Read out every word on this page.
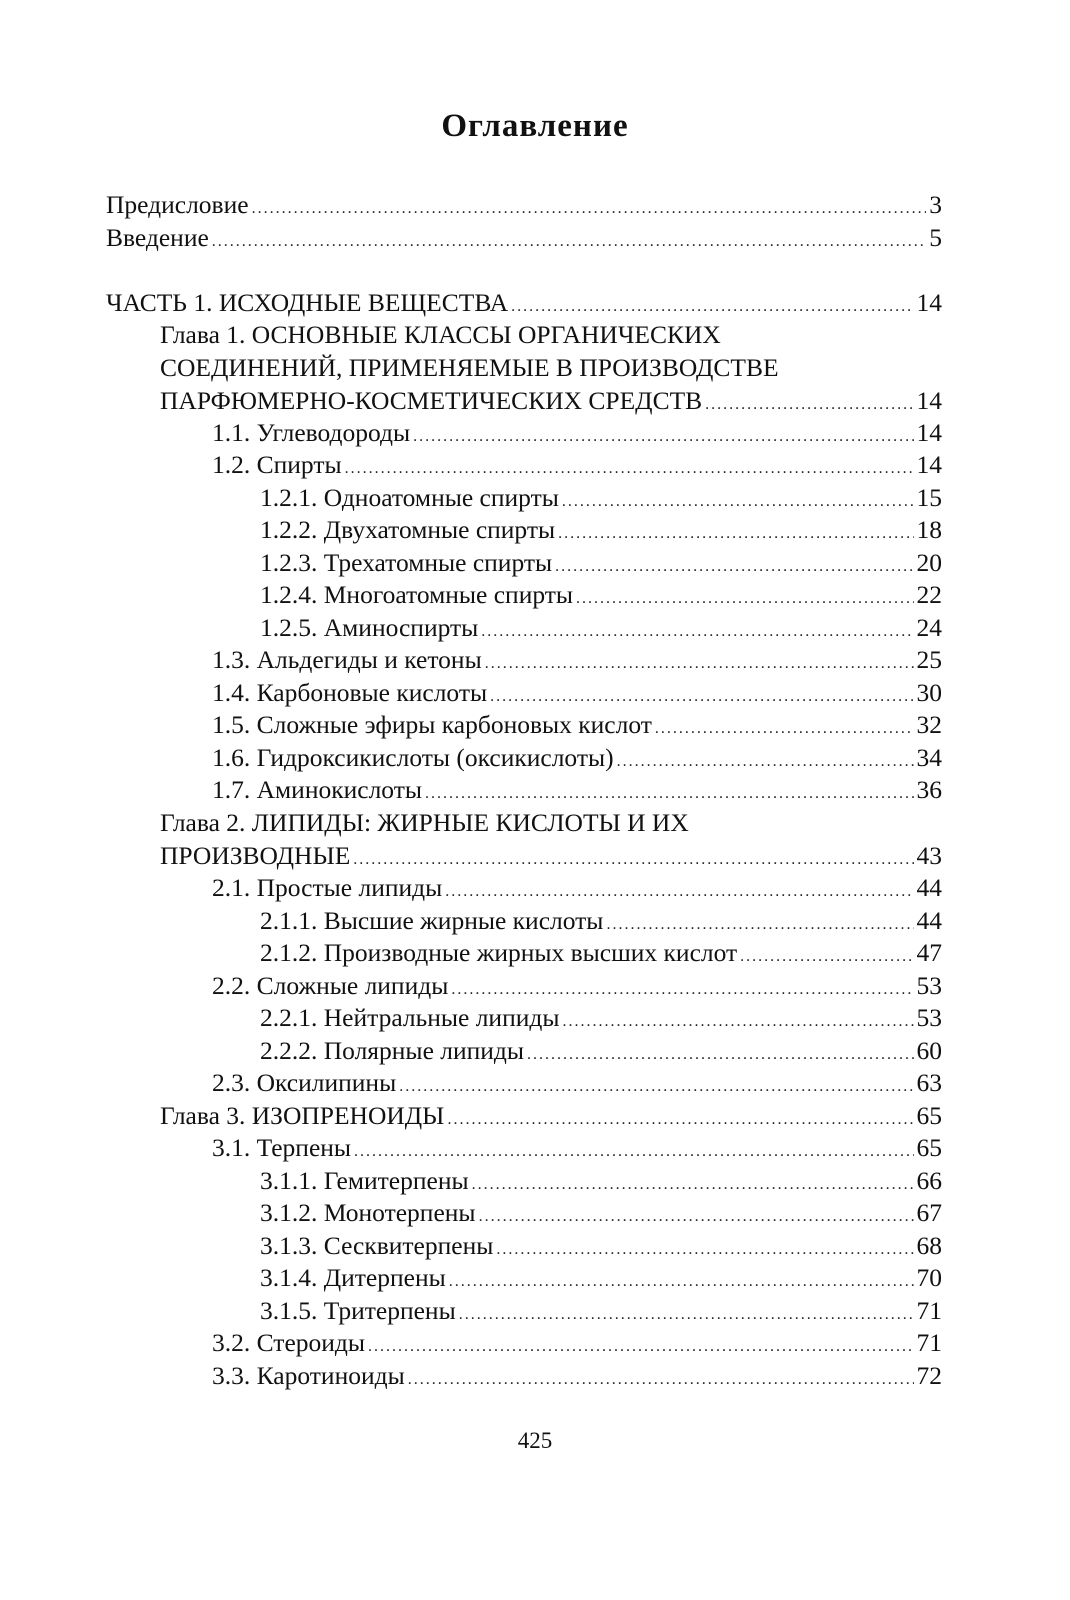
Оглавление
Предисловие .....	3
Введение .....	5
ЧАСТЬ 1. ИСХОДНЫЕ ВЕЩЕСТВА .....	14
Глава 1. ОСНОВНЫЕ КЛАССЫ ОРГАНИЧЕСКИХ
СОЕДИНЕНИЙ, ПРИМЕНЯЕМЫЕ В ПРОИЗВОДСТВЕ
ПАРФЮМЕРНО-КОСМЕТИЧЕСКИХ СРЕДСТВ .....	14
1.1. Углеводороды .....	14
1.2. Спирты .....	14
1.2.1. Одноатомные спирты .....	15
1.2.2. Двухатомные спирты .....	18
1.2.3. Трехатомные спирты .....	20
1.2.4. Многоатомные спирты .....	22
1.2.5. Аминоспирты .....	24
1.3. Альдегиды и кетоны .....	25
1.4. Карбоновые кислоты .....	30
1.5. Сложные эфиры карбоновых кислот .....	32
1.6. Гидроксикислоты (оксикислоты) .....	34
1.7. Аминокислоты .....	36
Глава 2. ЛИПИДЫ: ЖИРНЫЕ КИСЛОТЫ И ИХ
ПРОИЗВОДНЫЕ .....	43
2.1. Простые липиды .....	44
2.1.1. Высшие жирные кислоты .....	44
2.1.2. Производные жирных высших кислот .....	47
2.2. Сложные липиды .....	53
2.2.1. Нейтральные липиды .....	53
2.2.2. Полярные липиды .....	60
2.3. Оксилипины .....	63
Глава 3. ИЗОПРЕНОИДЫ .....	65
3.1. Терпены .....	65
3.1.1. Гемитерпены .....	66
3.1.2. Монотерпены .....	67
3.1.3. Сесквитерпены .....	68
3.1.4. Дитерпены .....	70
3.1.5. Тритерпены .....	71
3.2. Стероиды .....	71
3.3. Каротиноиды .....	72
425
